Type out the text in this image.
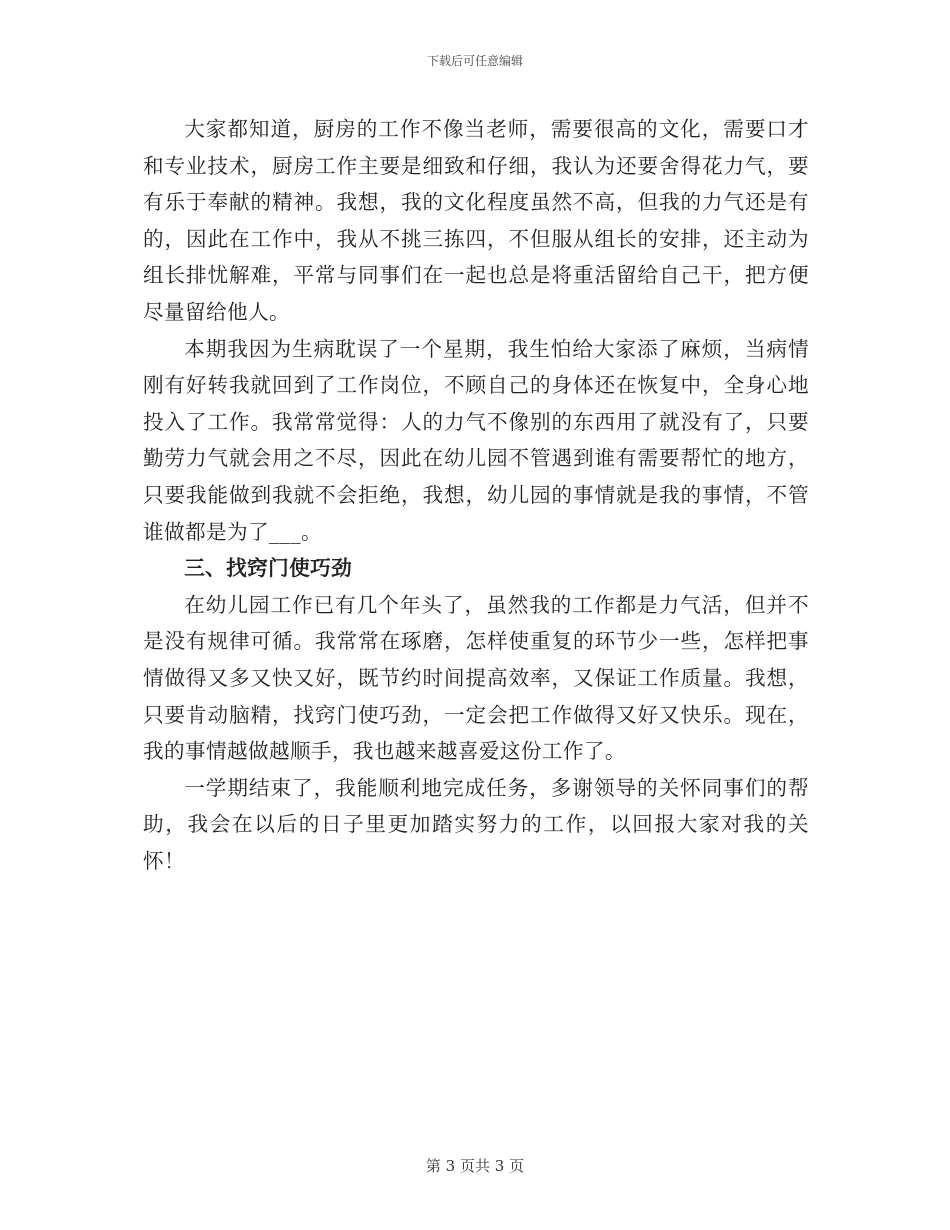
下载后可任意编辑

大家都知道，厨房的工作不像当老师，需要很高的文化，需要口才和专业技术，厨房工作主要是细致和仔细，我认为还要舍得花力气，要有乐于奉献的精神。我想，我的文化程度虽然不高，但我的力气还是有的，因此在工作中，我从不挑三拣四，不但服从组长的安排，还主动为组长排忧解难，平常与同事们在一起也总是将重活留给自己干，把方便尽量留给他人。

本期我因为生病耽误了一个星期，我生怕给大家添了麻烦，当病情刚有好转我就回到了工作岗位，不顾自己的身体还在恢复中，全身心地投入了工作。我常常觉得：人的力气不像别的东西用了就没有了，只要勤劳力气就会用之不尽，因此在幼儿园不管遇到谁有需要帮忙的地方，只要我能做到我就不会拒绝，我想，幼儿园的事情就是我的事情，不管谁做都是为了___。

三、找窍门使巧劲

在幼儿园工作已有几个年头了，虽然我的工作都是力气活，但并不是没有规律可循。我常常在琢磨，怎样使重复的环节少一些，怎样把事情做得又多又快又好，既节约时间提高效率，又保证工作质量。我想，只要肯动脑精，找窍门使巧劲，一定会把工作做得又好又快乐。现在，我的事情越做越顺手，我也越来越喜爱这份工作了。

一学期结束了，我能顺利地完成任务，多谢领导的关怀同事们的帮助，我会在以后的日子里更加踏实努力的工作，以回报大家对我的关怀！

第 3 页共 3 页
